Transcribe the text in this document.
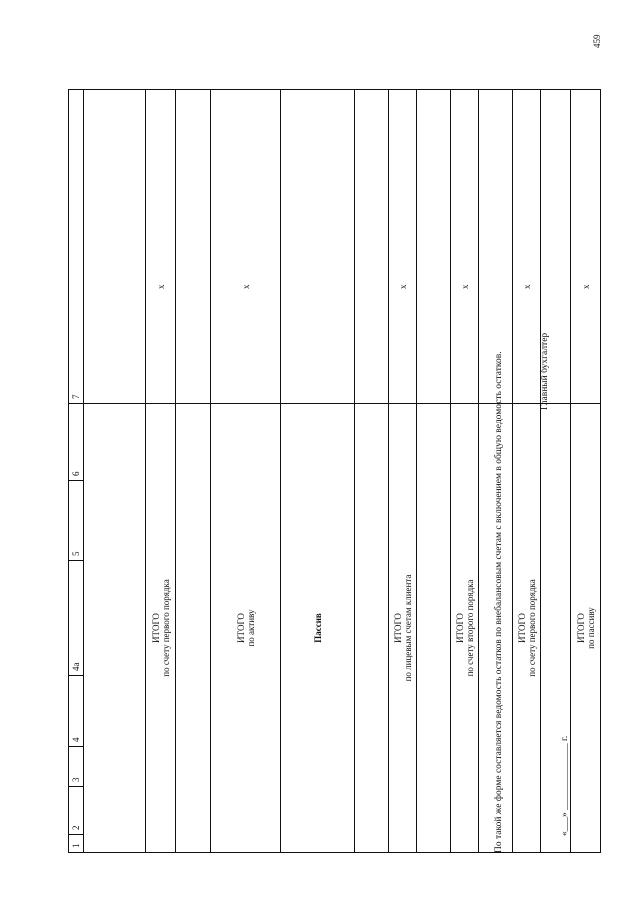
459
1	2	3	4	4а	5	6	7

ИТОГО по счету первого порядка							x

ИТОГО по активу							x
Пассив							

ИТОГО по лицевым счетам клиента							x

ИТОГО по счету второго порядка							x

ИТОГО по счету первого порядка							x

ИТОГО по пассиву							x
По такой же форме составляется ведомость остатков по внебалансовым счетам с включением в общую ведомость остатков.	Главный бухгалтер
«___» ______________ г.
